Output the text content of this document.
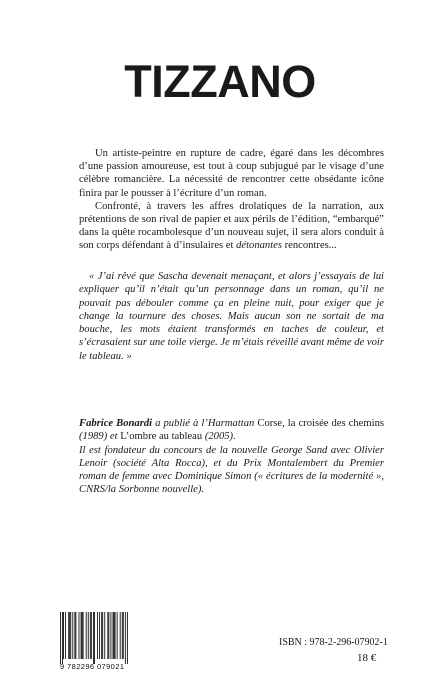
TIZZANO

Un artiste-peintre en rupture de cadre, égaré dans les décombres d’une passion amoureuse, est tout à coup subjugué par le visage d’une célèbre romancière. La nécessité de rencontrer cette obsédante icône finira par le pousser à l’écriture d’un roman.

Confronté, à travers les affres drolatiques de la narration, aux prétentions de son rival de papier et aux périls de l’édition, “embarqué” dans la quête rocambolesque d’un nouveau sujet, il sera alors conduit à son corps défendant à d’insulaires et détonantes rencontres...

« J’ai rêvé que Sascha devenait menaçant, et alors j’essayais de lui expliquer qu’il n’était qu’un personnage dans un roman, qu’il ne pouvait pas débouler comme ça en pleine nuit, pour exiger que je change la tournure des choses. Mais aucun son ne sortait de ma bouche, les mots étaient transformés en taches de couleur, et s’écrasaient sur une toile vierge. Je m’étais réveillé avant même de voir le tableau. »

Fabrice Bonardi a publié à l’Harmattan Corse, la croisée des chemins (1989) et L’ombre au tableau (2005).

Il est fondateur du concours de la nouvelle George Sand avec Olivier Lenoir (société Alta Rocca), et du Prix Montalembert du Premier roman de femme avec Dominique Simon (« écritures de la modernité », CNRS/la Sorbonne nouvelle).

9 782296 079021
ISBN : 978-2-296-07902-1
18 €
